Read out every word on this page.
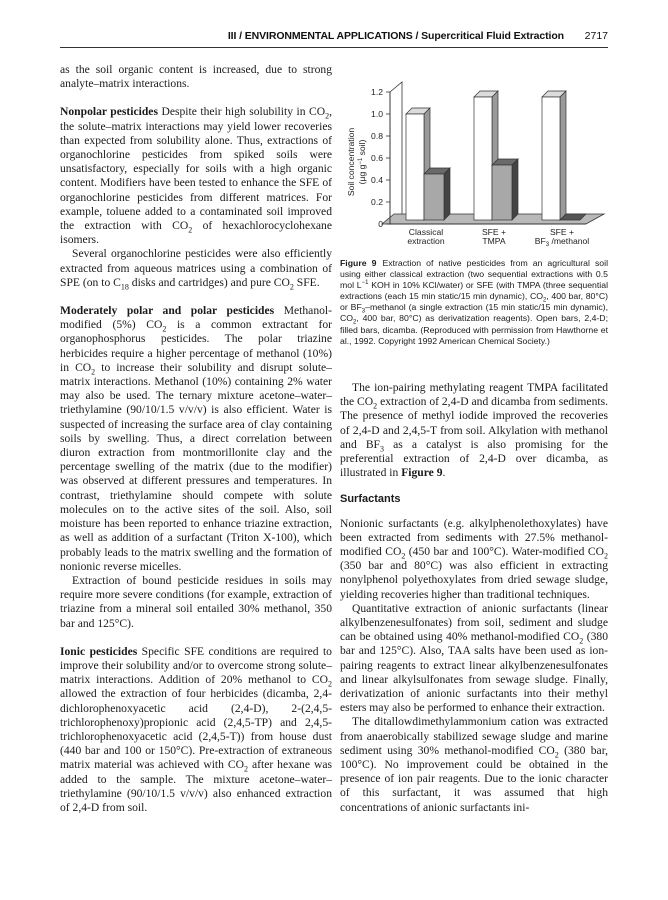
III / ENVIRONMENTAL APPLICATIONS / Supercritical Fluid Extraction 2717

as the soil organic content is increased, due to strong analyte–matrix interactions.

Nonpolar pesticides Despite their high solubility in $CO_2$, the solute–matrix interactions may yield lower recoveries than expected from solubility alone. Thus, extractions of organochlorine pesticides from spiked soils were unsatisfactory, especially for soils with a high organic content. Modifiers have been tested to enhance the SFE of organochlorine pesticides from different matrices. For example, toluene added to a contaminated soil improved the extraction with $CO_2$ of hexachlorocyclohexane isomers.

Several organochlorine pesticides were also efficiently extracted from aqueous matrices using a combination of SPE (on to $C_{18}$ disks and cartridges) and pure $CO_2$ SFE.

Moderately polar and polar pesticides Methanol-modified (5%) $CO_2$ is a common extractant for organophosphorus pesticides. The polar triazine herbicides require a higher percentage of methanol (10%) in $CO_2$ to increase their solubility and disrupt solute–matrix interactions. Methanol (10%) containing 2% water may also be used. The ternary mixture acetone–water–triethylamine (90/10/1.5 v/v/v) is also efficient. Water is suspected of increasing the surface area of clay containing soils by swelling. Thus, a direct correlation between diuron extraction from montmorillonite clay and the percentage swelling of the matrix (due to the modifier) was observed at different pressures and temperatures. In contrast, triethylamine should compete with solute molecules on to the active sites of the soil. Also, soil moisture has been reported to enhance triazine extraction, as well as addition of a surfactant (Triton X-100), which probably leads to the matrix swelling and the formation of nonionic reverse micelles.

Extraction of bound pesticide residues in soils may require more severe conditions (for example, extraction of triazine from a mineral soil entailed 30% methanol, 350 bar and 125°C).

Ionic pesticides Specific SFE conditions are required to improve their solubility and/or to overcome strong solute–matrix interactions. Addition of 20% methanol to $CO_2$ allowed the extraction of four herbicides (dicamba, 2,4-dichlorophenoxyacetic acid (2,4-D), 2-(2,4,5-trichlorophenoxy)propionic acid (2,4,5-TP) and 2,4,5-trichlorophenoxyacetic acid (2,4,5-T)) from house dust (440 bar and 100 or 150°C). Pre-extraction of extraneous matrix material was achieved with $CO_2$ after hexane was added to the sample. The mixture acetone–water–triethylamine (90/10/1.5 v/v/v) also enhanced extraction of 2,4-D from soil.

0
0.2
0.4
0.6
0.8
1.0
1.2
Soil concentration (µg $g^{-1}$ soil)
Classical
extraction
SFE +
TMPA
SFE +
$BF_3$ /methanol
Figure 9 Extraction of native pesticides from an agricultural soil using either classical extraction (two sequential extractions with 0.5 mol $L^{-1}$ KOH in 10% KCl/water) or SFE (with TMPA (three sequential extractions (each 15 min static/15 min dynamic), $CO_2$, 400 bar, 80°C) or $BF_3$–methanol (a single extraction (15 min static/15 min dynamic), $CO_2$, 400 bar, 80°C) as derivatization reagents). Open bars, 2,4-D; filled bars, dicamba. (Reproduced with permission from Hawthorne et al., 1992. Copyright 1992 American Chemical Society.)

The ion-pairing methylating reagent TMPA facilitated the $CO_2$ extraction of 2,4-D and dicamba from sediments. The presence of methyl iodide improved the recoveries of 2,4-D and 2,4,5-T from soil. Alkylation with methanol and $BF_3$ as a catalyst is also promising for the preferential extraction of 2,4-D over dicamba, as illustrated in Figure 9.

Surfactants

Nonionic surfactants (e.g. alkylphenolethoxylates) have been extracted from sediments with 27.5% methanol-modified $CO_2$ (450 bar and 100°C). Water-modified $CO_2$ (350 bar and 80°C) was also efficient in extracting nonylphenol polyethoxylates from dried sewage sludge, yielding recoveries higher than traditional techniques.

Quantitative extraction of anionic surfactants (linear alkylbenzenesulfonates) from soil, sediment and sludge can be obtained using 40% methanol-modified $CO_2$ (380 bar and 125°C). Also, TAA salts have been used as ion-pairing reagents to extract linear alkylbenzenesulfonates and linear alkylsulfonates from sewage sludge. Finally, derivatization of anionic surfactants into their methyl esters may also be performed to enhance their extraction.

The ditallowdimethylammonium cation was extracted from anaerobically stabilized sewage sludge and marine sediment using 30% methanol-modified $CO_2$ (380 bar, 100°C). No improvement could be obtained in the presence of ion pair reagents. Due to the ionic character of this surfactant, it was assumed that high concentrations of anionic surfactants ini-
